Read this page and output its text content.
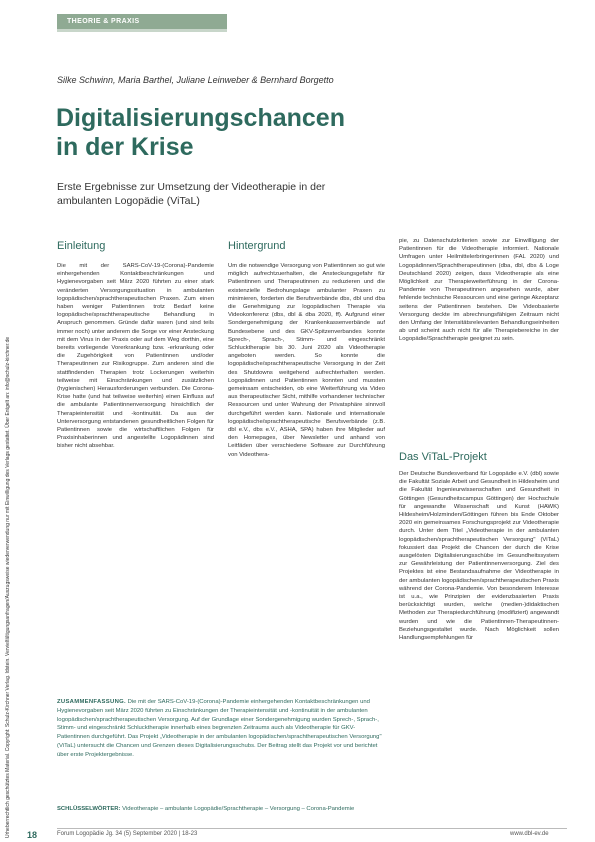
THEORIE & PRAXIS
Urheberrechtlich geschütztes Material. Copyright: Schulz-Kirchner Verlag. Idstein. Vervielfältigungsanfragen/Auszugsweise wiederverwendung nur mit Einwilligung des Verlags gestattet. Über Entgelt an: info@schulz-kirchner.de
Silke Schwinn, Maria Barthel, Juliane Leinweber & Bernhard Borgetto
Digitalisierungschancen
in der Krise
Erste Ergebnisse zur Umsetzung der Videotherapie in der
ambulanten Logopädie (ViTaL)
Einleitung

Die mit der SARS-CoV-19-(Corona)-Pandemie einhergehenden Kontaktbeschränkungen und Hygienevorgaben seit März 2020 führten zu einer stark veränderten Versorgungssituation in ambulanten logopädischen/sprachtherapeutischen Praxen. Zum einen haben weniger Patientinnen trotz Bedarf keine logopädische/sprachtherapeutische Behandlung in Anspruch genommen. Gründe dafür waren (und sind teils immer noch) unter anderem die Sorge vor einer Ansteckung mit dem Virus in der Praxis oder auf dem Weg dorthin, eine bereits vorliegende Vorerkrankung bzw. -erkrankung oder die Zugehörigkeit von Patientinnen und/oder Therapeutinnen zur Risikogruppe. Zum anderen sind die stattfindenden Therapien trotz Lockerungen weiterhin teilweise mit Einschränkungen und zusätzlichen (hygienischen) Herausforderungen verbunden. Die Corona-Krise hatte (und hat teilweise weiterhin) einen Einfluss auf die ambulante Patientinnenversorgung hinsichtlich der Therapieintensität und -kontinuität. Da aus der Unterversorgung entstandenen gesundheitlichen Folgen für Patientinnen sowie die wirtschaftlichen Folgen für Praxisinhaberinnen und angestellte Logopädinnen sind bisher nicht absehbar.

Hintergrund

Um die notwendige Versorgung von Patientinnen so gut wie möglich aufrechtzuerhalten, die Ansteckungsgefahr für Patientinnen und Therapeutinnen zu reduzieren und die existenzielle Bedrohungslage ambulanter Praxen zu minimieren, forderten die Berufsverbände dbs, dbl und dba die Genehmigung zur logopädischen Therapie via Videokonferenz (dbs, dbl & dba 2020, ff). Aufgrund einer Sondergenehmigung der Krankenkassenverbände auf Bundesebene und des GKV-Spitzenverbandes konnte Sprech-, Sprach-, Stimm- und eingeschränkt Schlucktherapie bis 30. Juni 2020 als Videotherapie angeboten werden. So konnte die logopädische/sprachtherapeutische Versorgung in der Zeit des Shutdowns weitgehend aufrechterhalten werden. Logopädinnen und Patientinnen konnten und mussten gemeinsam entscheiden, ob eine Weiterführung via Video aus therapeutischer Sicht, mithilfe vorhandener technischer Ressourcen und unter Wahrung der Privatsphäre sinnvoll durchgeführt werden kann. Nationale und internationale logopädische/sprachtherapeutische Berufsverbände (z.B. dbl e.V., dbs e.V., ASHA, SPA) haben ihre Mitglieder auf den Homepages, über Newsletter und anhand von Leitfäden über verschiedene Software zur Durchführung von Videothera-

pie, zu Datenschutzkriterien sowie zur Einwilligung der Patientinnen für die Videotherapie informiert. Nationale Umfragen unter Heilmittelerbringerinnen (FAL 2020) und Logopädinnen/Sprachtherapeutinnen (dba, dbl, dbs & Loge Deutschland 2020) zeigen, dass Videotherapie als eine Möglichkeit zur Therapieweiterführung in der Corona-Pandemie von Therapeutinnen angesehen wurde, aber fehlende technische Ressourcen und eine geringe Akzeptanz seitens der Patientinnen bestehen. Die Videobasierte Versorgung deckte im abrechnungsfähigen Zeitraum nicht den Umfang der Intensitätsrelevanten Behandlungseinheiten ab und scheint auch nicht für alle Therapiebereiche in der Logopädie/Sprachtherapie geeignet zu sein.

Das ViTaL-Projekt

Der Deutsche Bundesverband für Logopädie e.V. (dbl) sowie die Fakultät Soziale Arbeit und Gesundheit in Hildesheim und die Fakultät Ingenieurwissenschaften und Gesundheit in Göttingen (Gesundheitscampus Göttingen) der Hochschule für angewandte Wissenschaft und Kunst (HAWK) Hildesheim/Holzminden/Göttingen führen bis Ende Oktober 2020 ein gemeinsames Forschungsprojekt zur Videotherapie durch. Unter dem Titel „Videotherapie in der ambulanten logopädischen/sprachtherapeutischen Versorgung" (ViTaL) fokussiert das Projekt die Chancen der durch die Krise ausgelösten Digitalisierungsschübe im Gesundheitssystem zur Gewährleistung der Patientinnenversorgung. Ziel des Projektes ist eine Bestandsaufnahme der Videotherapie in der ambulanten logopädischen/sprachtherapeutischen Praxis während der Corona-Pandemie. Von besonderem Interesse ist u.a., wie Prinzipien der evidenzbasierten Praxis berücksichtigt wurden, welche (medien-)didaktischen Methoden zur Therapiedurchführung (modifiziert) angewandt wurden und wie die Patientinnen-Therapeutinnen-Beziehungsgestaltet wurde. Nach Möglichkeit sollen Handlungsempfehlungen für

ZUSAMMENFASSUNG. Die mit der SARS-CoV-19-(Corona)-Pandemie einhergehenden Kontaktbeschränkungen und Hygienevorgaben seit März 2020 führten zu Einschränkungen der Therapieintensität und -kontinuität in der ambulanten logopädischen/sprachtherapeutischen Versorgung. Auf der Grundlage einer Sondergenehmigung wurden Sprech-, Sprach-, Stimm- und eingeschränkt Schlucktherapie innerhalb eines begrenzten Zeitraums auch als Videotherapie für GKV-Patientinnen durchgeführt. Das Projekt „Videotherapie in der ambulanten logopädischen/sprachtherapeutischen Versorgung" (ViTaL) untersucht die Chancen und Grenzen dieses Digitalisierungsschubs. Der Beitrag stellt das Projekt vor und berichtet über erste Projektergebnisse.
SCHLÜSSELWÖRTER: Videotherapie – ambulante Logopädie/Sprachtherapie – Versorgung – Corona-Pandemie
18	Forum Logopädie Jg. 34 (5) September 2020 | 18-23	www.dbl-ev.de
